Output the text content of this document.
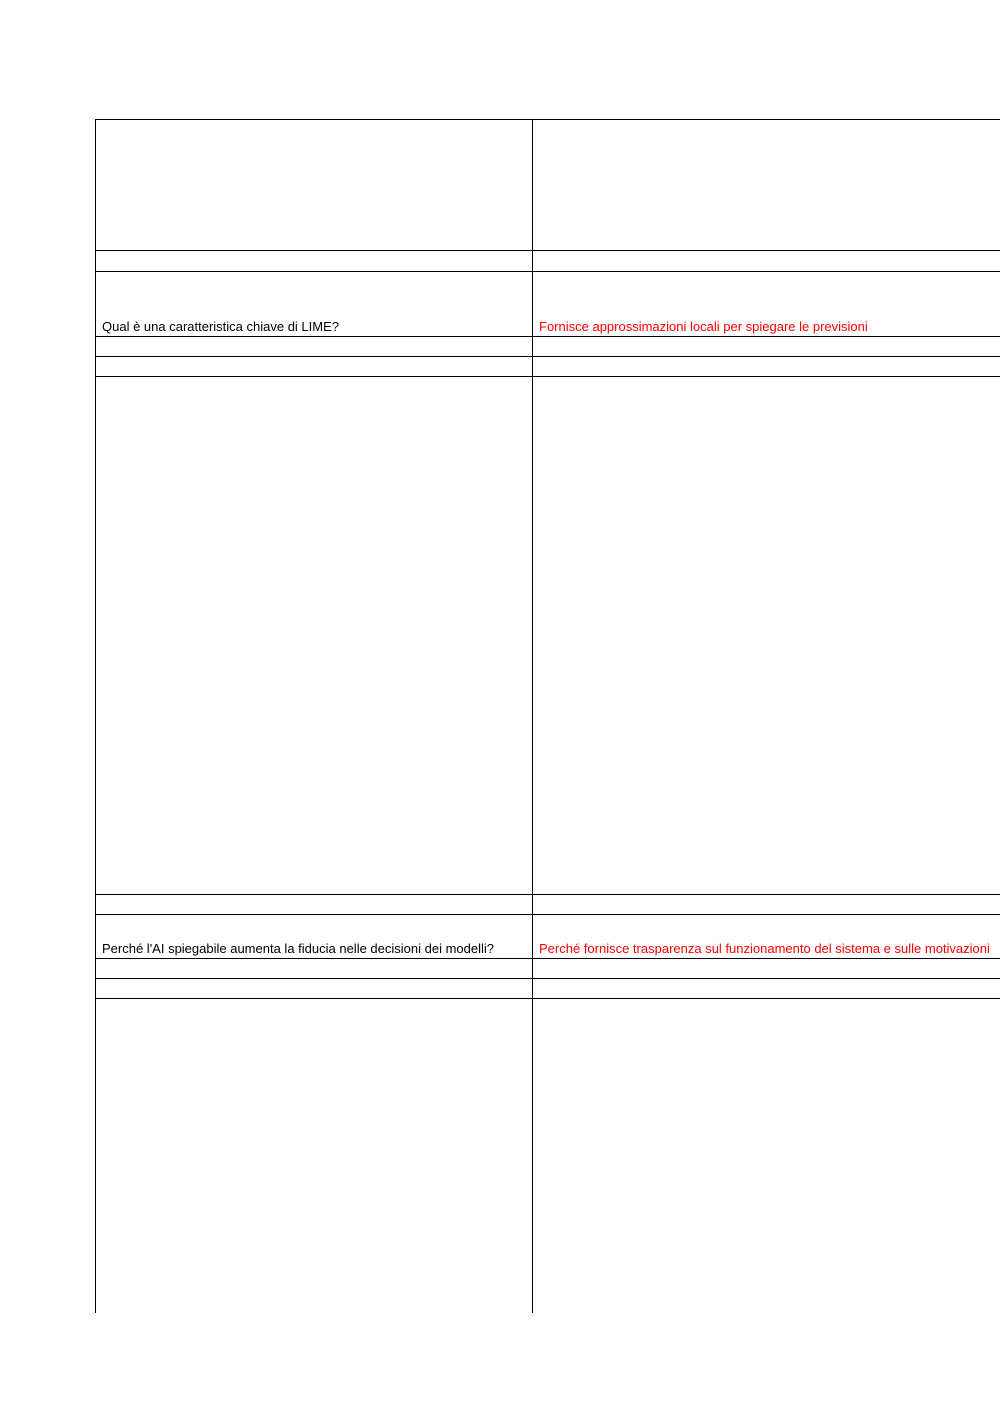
Qual è una caratteristica chiave di LIME?	Fornisce approssimazioni locali per spiegare le previsioni

Perché l'AI spiegabile aumenta la fiducia nelle decisioni dei modelli?	Perché fornisce trasparenza sul funzionamento del sistema e sulle motivazioni
